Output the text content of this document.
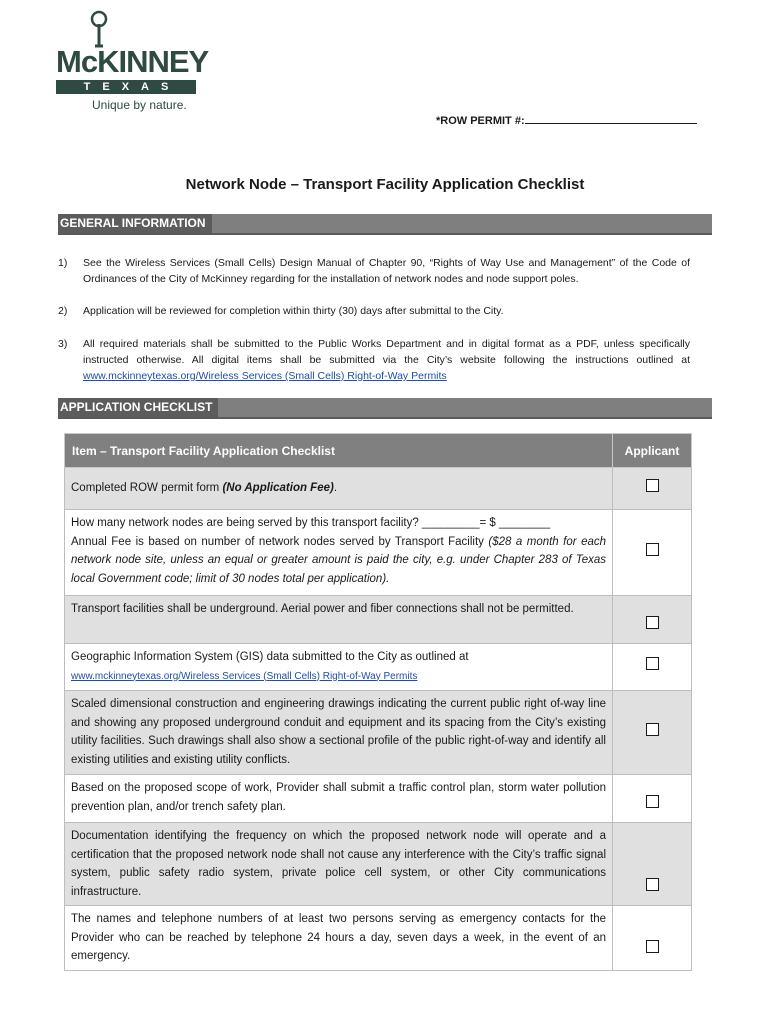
McKINNEY
TEXAS
Unique by nature.
*ROW PERMIT #:
Network Node – Transport Facility Application Checklist
GENERAL INFORMATION
1) See the Wireless Services (Small Cells) Design Manual of Chapter 90, “Rights of Way Use and Management” of the Code of Ordinances of the City of McKinney regarding for the installation of network nodes and node support poles.
2) Application will be reviewed for completion within thirty (30) days after submittal to the City.
3) All required materials shall be submitted to the Public Works Department and in digital format as a PDF, unless specifically instructed otherwise. All digital items shall be submitted via the City’s website following the instructions outlined at www.mckinneytexas.org/Wireless Services (Small Cells) Right-of-Way Permits
APPLICATION CHECKLIST
Item – Transport Facility Application Checklist	Applicant
Completed ROW permit form (No Application Fee).	

How many network nodes are being served by this transport facility? _________= $ ________
Annual Fee is based on number of network nodes served by Transport Facility ($28 a month for each network node site, unless an equal or greater amount is paid the city, e.g. under Chapter 283 of Texas local Government code; limit of 30 nodes total per application).	
Transport facilities shall be underground. Aerial power and fiber connections shall not be permitted.	

Geographic Information System (GIS) data submitted to the City as outlined at
www.mckinneytexas.org/Wireless Services (Small Cells) Right-of-Way Permits	
Scaled dimensional construction and engineering drawings indicating the current public right of-way line and showing any proposed underground conduit and equipment and its spacing from the City’s existing utility facilities. Such drawings shall also show a sectional profile of the public right-of-way and identify all existing utilities and existing utility conflicts.	
Based on the proposed scope of work, Provider shall submit a traffic control plan, storm water pollution prevention plan, and/or trench safety plan.	
Documentation identifying the frequency on which the proposed network node will operate and a certification that the proposed network node shall not cause any interference with the City’s traffic signal system, public safety radio system, private police cell system, or other City communications infrastructure.	
The names and telephone numbers of at least two persons serving as emergency contacts for the Provider who can be reached by telephone 24 hours a day, seven days a week, in the event of an emergency.	
